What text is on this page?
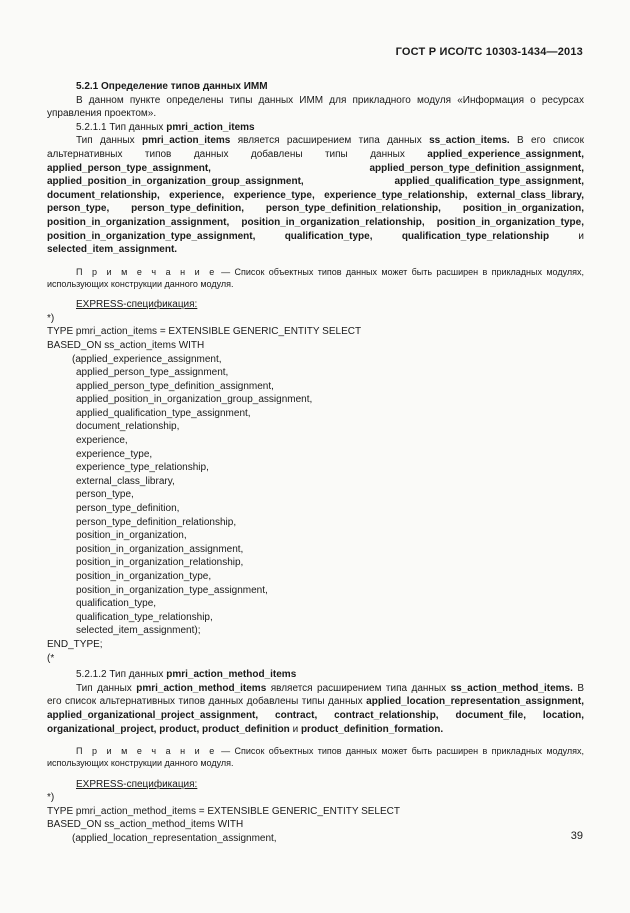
ГОСТ Р ИСО/ТС 10303-1434—2013

5.2.1 Определение типов данных ИММ

В данном пункте определены типы данных ИММ для прикладного модуля «Информация о ресурсах управления проектом».

5.2.1.1 Тип данных pmri_action_items

Тип данных pmri_action_items является расширением типа данных ss_action_items. В его список альтернативных типов данных добавлены типы данных applied_experience_assignment, applied_person_type_assignment, applied_person_type_definition_assignment, applied_position_in_organization_group_assignment, applied_qualification_type_assignment, document_relationship, experience, experience_type, experience_type_relationship, external_class_library, person_type, person_type_definition, person_type_definition_relationship, position_in_organization, position_in_organization_assignment, position_in_organization_relationship, position_in_organization_type, position_in_organization_type_assignment, qualification_type, qualification_type_relationship и selected_item_assignment.

П р и м е ч а н и е — Список объектных типов данных может быть расширен в прикладных модулях, использующих конструкции данного модуля.

EXPRESS-спецификация:

*)
TYPE pmri_action_items = EXTENSIBLE GENERIC_ENTITY SELECT
BASED_ON ss_action_items WITH
(applied_experience_assignment,
applied_person_type_assignment,
applied_person_type_definition_assignment,
applied_position_in_organization_group_assignment,
applied_qualification_type_assignment,
document_relationship,
experience,
experience_type,
experience_type_relationship,
external_class_library,
person_type,
person_type_definition,
person_type_definition_relationship,
position_in_organization,
position_in_organization_assignment,
position_in_organization_relationship,
position_in_organization_type,
position_in_organization_type_assignment,
qualification_type,
qualification_type_relationship,
selected_item_assignment);
END_TYPE;
(*

5.2.1.2 Тип данных pmri_action_method_items

Тип данных pmri_action_method_items является расширением типа данных ss_action_method_items. В его список альтернативных типов данных добавлены типы данных applied_location_representation_assignment, applied_organizational_project_assignment, contract, contract_relationship, document_file, location, organizational_project, product, product_definition и product_definition_formation.

П р и м е ч а н и е — Список объектных типов данных может быть расширен в прикладных модулях, использующих конструкции данного модуля.

EXPRESS-спецификация:

*)
TYPE pmri_action_method_items = EXTENSIBLE GENERIC_ENTITY SELECT
BASED_ON ss_action_method_items WITH
(applied_location_representation_assignment,	39
